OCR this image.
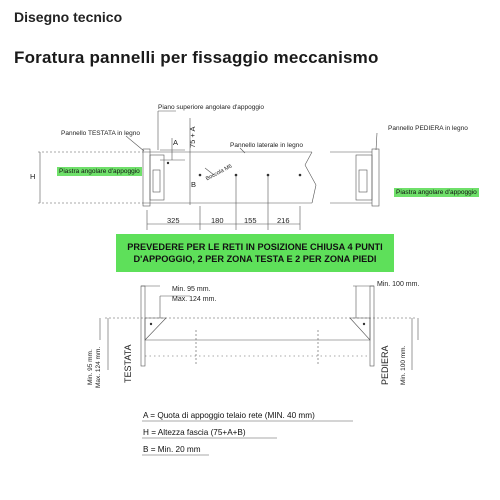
Disegno tecnico
Foratura pannelli per fissaggio meccanismo
Piano superiore angolare d'appoggio
Pannello TESTATA in legno
Pannello laterale in legno
Pannello PEDIERA in legno
Boccola M6
Piastra angolare d'appoggio
Piastra angolare d'appoggio
A 75 + A
B
H
325	180	155	216
PREVEDERE PER LE RETI IN POSIZIONE CHIUSA 4 PUNTI
D'APPOGGIO, 2 PER ZONA TESTA E 2 PER ZONA PIEDI
Min. 95 mm.
Max. 124 mm.
Min. 100 mm.
Min. 95 mm. Max. 124 mm. TESTATA	PEDIERA Min. 100 mm.
A = Quota di appoggio telaio rete (MIN. 40 mm)
H = Altezza fascia (75+A+B)
B = Min. 20 mm
